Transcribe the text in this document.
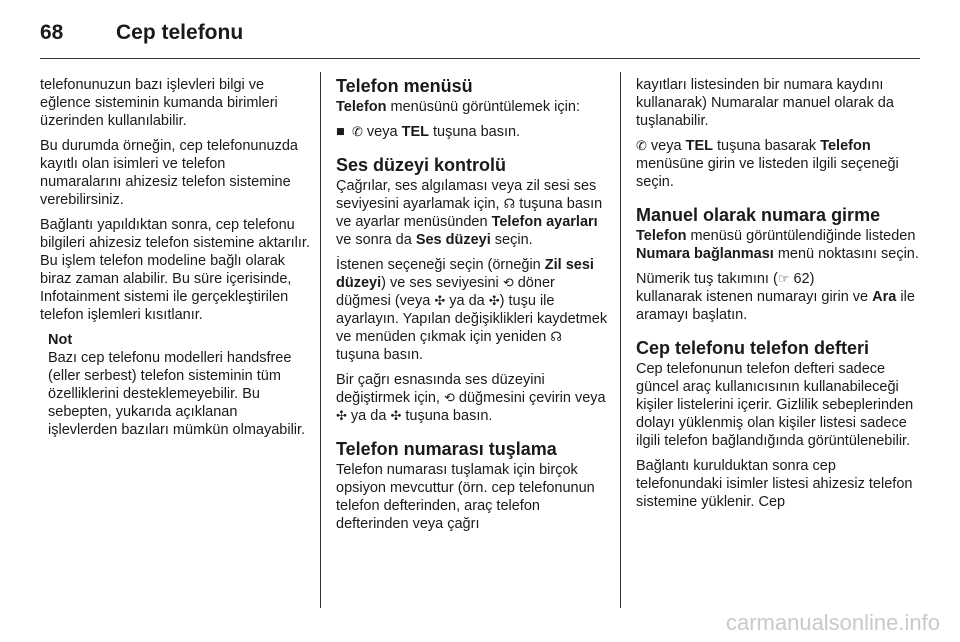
68	Cep telefonu

telefonunuzun bazı işlevleri bilgi ve eğlence sisteminin kumanda birimleri üzerinden kullanılabilir.

Bu durumda örneğin, cep telefonunuzda kayıtlı olan isimleri ve telefon numaralarını ahizesiz telefon sistemine verebilirsiniz.

Bağlantı yapıldıktan sonra, cep telefonu bilgileri ahizesiz telefon sistemine aktarılır. Bu işlem telefon modeline bağlı olarak biraz zaman alabilir. Bu süre içerisinde, Infotainment sistemi ile gerçekleştirilen telefon işlemleri kısıtlanır.

Not
Bazı cep telefonu modelleri handsfree (eller serbest) telefon sisteminin tüm özelliklerini desteklemeyebilir. Bu sebepten, yukarıda açıklanan işlevlerden bazıları mümkün olmayabilir.
Telefon menüsü

Telefon menüsünü görüntülemek için:

■ ✆ veya TEL tuşuna basın.
Ses düzeyi kontrolü

Çağrılar, ses algılaması veya zil sesi ses seviyesini ayarlamak için, ☊ tuşuna basın ve ayarlar menüsünden Telefon ayarları ve sonra da Ses düzeyi seçin.

İstenen seçeneği seçin (örneğin Zil sesi düzeyi) ve ses seviyesini ⟲ döner düğmesi (veya ✣ ya da ✣) tuşu ile ayarlayın. Yapılan değişiklikleri kaydetmek ve menüden çıkmak için yeniden ☊ tuşuna basın.

Bir çağrı esnasında ses düzeyini değiştirmek için, ⟲ düğmesini çevirin veya ✣ ya da ✣ tuşuna basın.

Telefon numarası tuşlama

Telefon numarası tuşlamak için birçok opsiyon mevcuttur (örn. cep telefonunun telefon defterinden, araç telefon defterinden veya çağrı

kayıtları listesinden bir numara kaydını kullanarak) Numaralar manuel olarak da tuşlanabilir.

✆ veya TEL tuşuna basarak Telefon menüsüne girin ve listeden ilgili seçeneği seçin.

Manuel olarak numara girme

Telefon menüsü görüntülendiğinde listeden Numara bağlanması menü noktasını seçin.

Nümerik tuş takımını (☞ 62)
kullanarak istenen numarayı girin ve Ara ile aramayı başlatın.

Cep telefonu telefon defteri

Cep telefonunun telefon defteri sadece güncel araç kullanıcısının kullanabileceği kişiler listelerini içerir. Gizlilik sebeplerinden dolayı yüklenmiş olan kişiler listesi sadece ilgili telefon bağlandığında görüntülenebilir.

Bağlantı kurulduktan sonra cep telefonundaki isimler listesi ahizesiz telefon sistemine yüklenir. Cep

carmanualsonline.info
